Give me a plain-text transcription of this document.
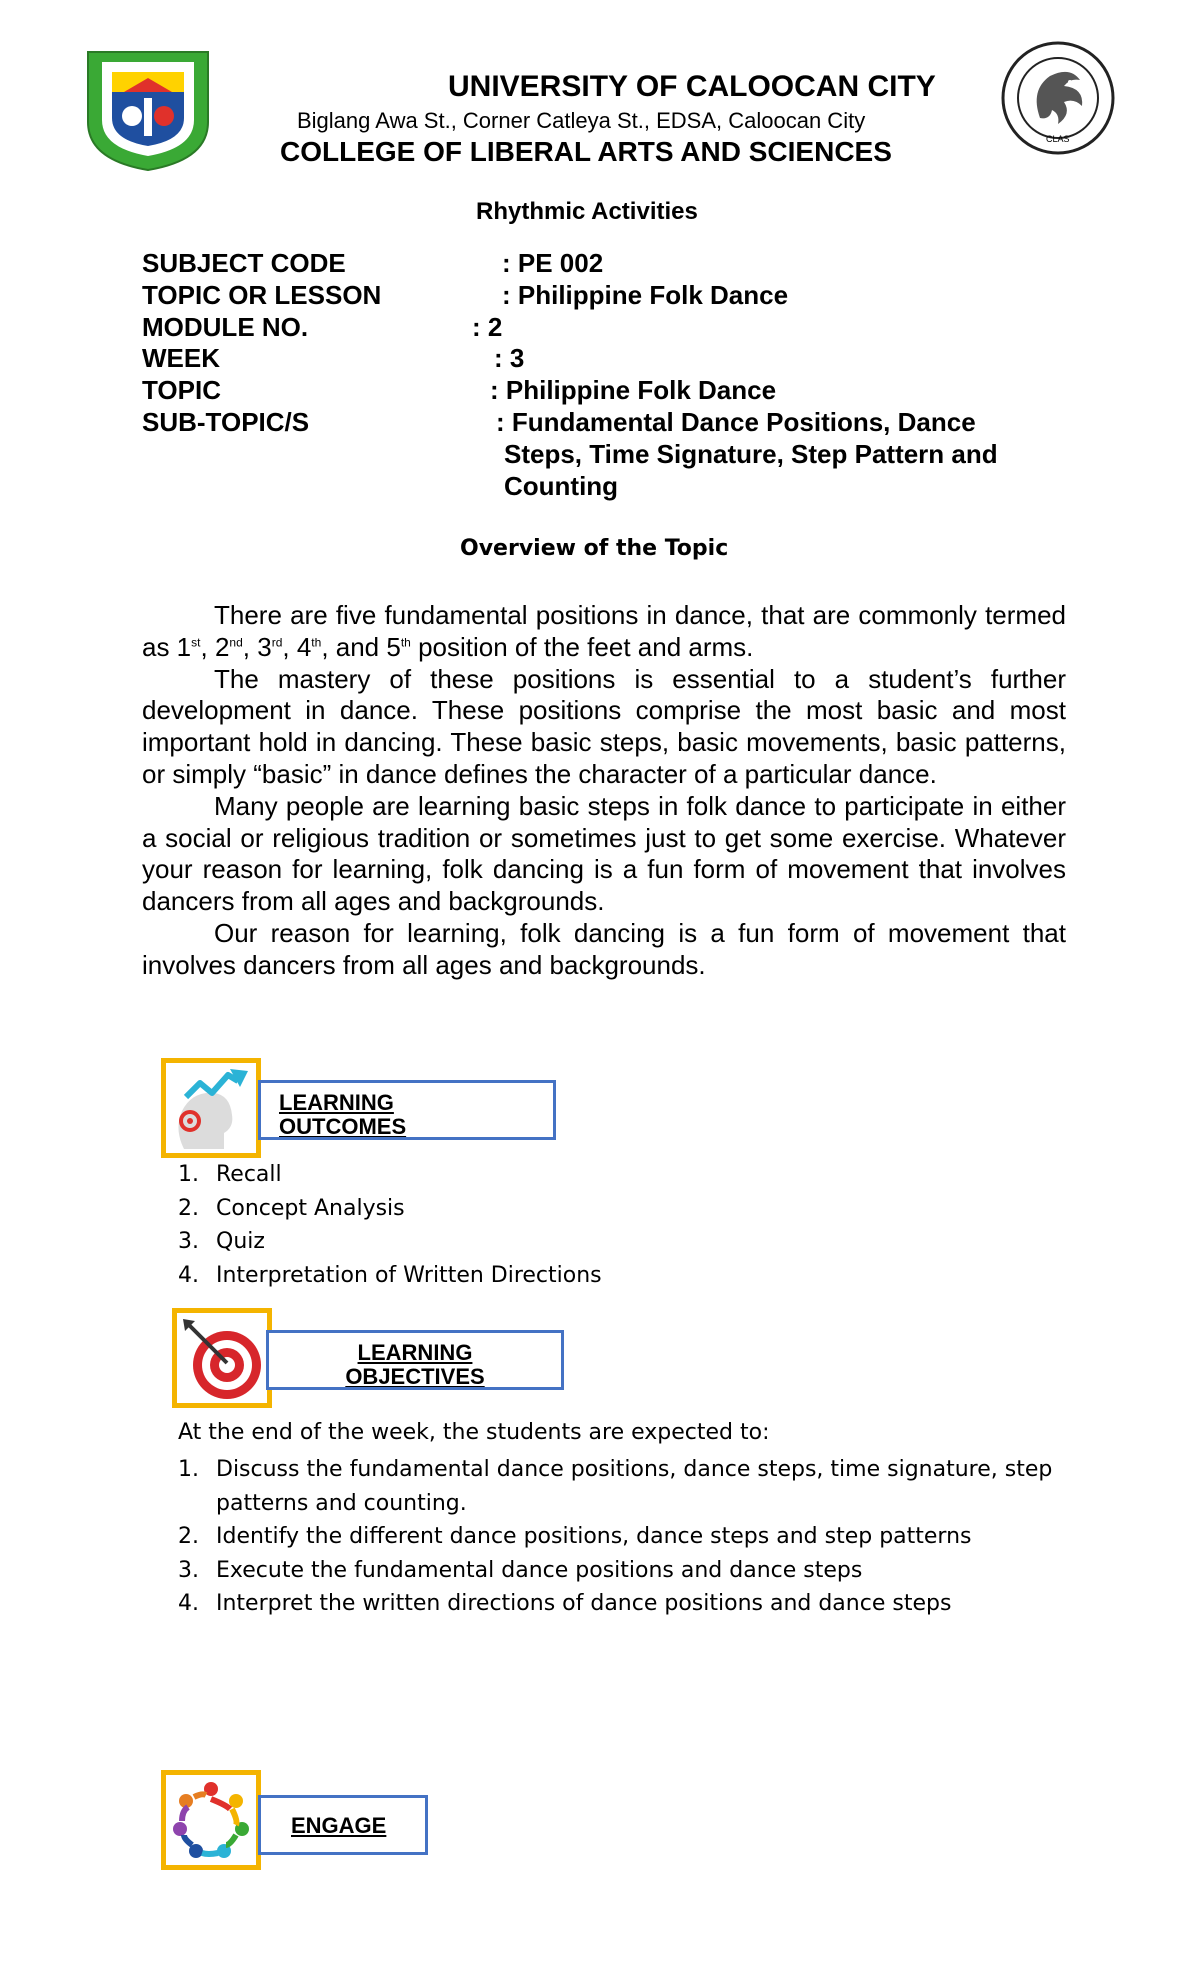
CLAS
UNIVERSITY OF CALOOCAN CITY
Biglang Awa St., Corner Catleya St., EDSA, Caloocan City
COLLEGE OF LIBERAL ARTS AND SCIENCES
Rhythmic Activities
SUBJECT CODE	: PE 002
TOPIC OR LESSON	: Philippine Folk Dance
MODULE NO.	: 2
WEEK	: 3
TOPIC	: Philippine Folk Dance
SUB-TOPIC/S	: Fundamental Dance Positions, Dance
Steps, Time Signature, Step Pattern and
Counting
Overview of the Topic

There are five fundamental positions in dance, that are commonly termed as 1st, 2nd, 3rd, 4th, and 5th position of the feet and arms.

The mastery of these positions is essential to a student’s further development in dance. These positions comprise the most basic and most important hold in dancing. These basic steps, basic movements, basic patterns, or simply “basic” in dance defines the character of a particular dance.

Many people are learning basic steps in folk dance to participate in either a social or religious tradition or sometimes just to get some exercise. Whatever your reason for learning, folk dancing is a fun form of movement that involves dancers from all ages and backgrounds.

Our reason for learning, folk dancing is a fun form of movement that involves dancers from all ages and backgrounds.

LEARNING
OUTCOMES
1. Recall
2. Concept Analysis
3. Quiz
4. Interpretation of Written Directions
LEARNING
OBJECTIVES
At the end of the week, the students are expected to:
1. Discuss the fundamental dance positions, dance steps, time signature, step
patterns and counting.
2. Identify the different dance positions, dance steps and step patterns
3. Execute the fundamental dance positions and dance steps
4. Interpret the written directions of dance positions and dance steps
ENGAGE
